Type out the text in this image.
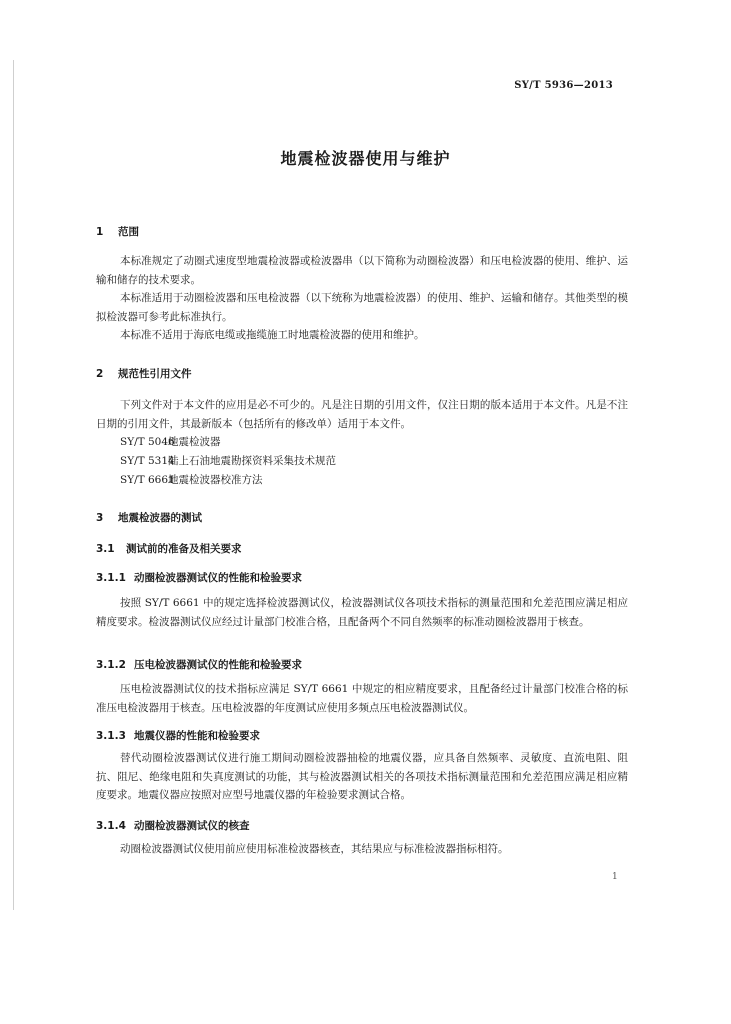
SY/T 5936—2013
地震检波器使用与维护
1 范围
本标准规定了动圈式速度型地震检波器或检波器串（以下简称为动圈检波器）和压电检波器的使用、维护、运输和储存的技术要求。
本标准适用于动圈检波器和压电检波器（以下统称为地震检波器）的使用、维护、运输和储存。其他类型的模拟检波器可参考此标准执行。
本标准不适用于海底电缆或拖缆施工时地震检波器的使用和维护。
2 规范性引用文件
下列文件对于本文件的应用是必不可少的。凡是注日期的引用文件，仅注日期的版本适用于本文件。凡是不注日期的引用文件，其最新版本（包括所有的修改单）适用于本文件。
SY/T 5046地震检波器
SY/T 5314陆上石油地震勘探资料采集技术规范
SY/T 6661地震检波器校准方法
3 地震检波器的测试
3.1 测试前的准备及相关要求
3.1.1 动圈检波器测试仪的性能和检验要求
按照 SY/T 6661 中的规定选择检波器测试仪，检波器测试仪各项技术指标的测量范围和允差范围应满足相应精度要求。检波器测试仪应经过计量部门校准合格，且配备两个不同自然频率的标准动圈检波器用于核查。
3.1.2 压电检波器测试仪的性能和检验要求
压电检波器测试仪的技术指标应满足 SY/T 6661 中规定的相应精度要求，且配备经过计量部门校准合格的标准压电检波器用于核查。压电检波器的年度测试应使用多频点压电检波器测试仪。
3.1.3 地震仪器的性能和检验要求
替代动圈检波器测试仪进行施工期间动圈检波器抽检的地震仪器，应具备自然频率、灵敏度、直流电阻、阻抗、阻尼、绝缘电阻和失真度测试的功能，其与检波器测试相关的各项技术指标测量范围和允差范围应满足相应精度要求。地震仪器应按照对应型号地震仪器的年检验要求测试合格。
3.1.4 动圈检波器测试仪的核查
动圈检波器测试仪使用前应使用标准检波器核查，其结果应与标准检波器指标相符。
1
